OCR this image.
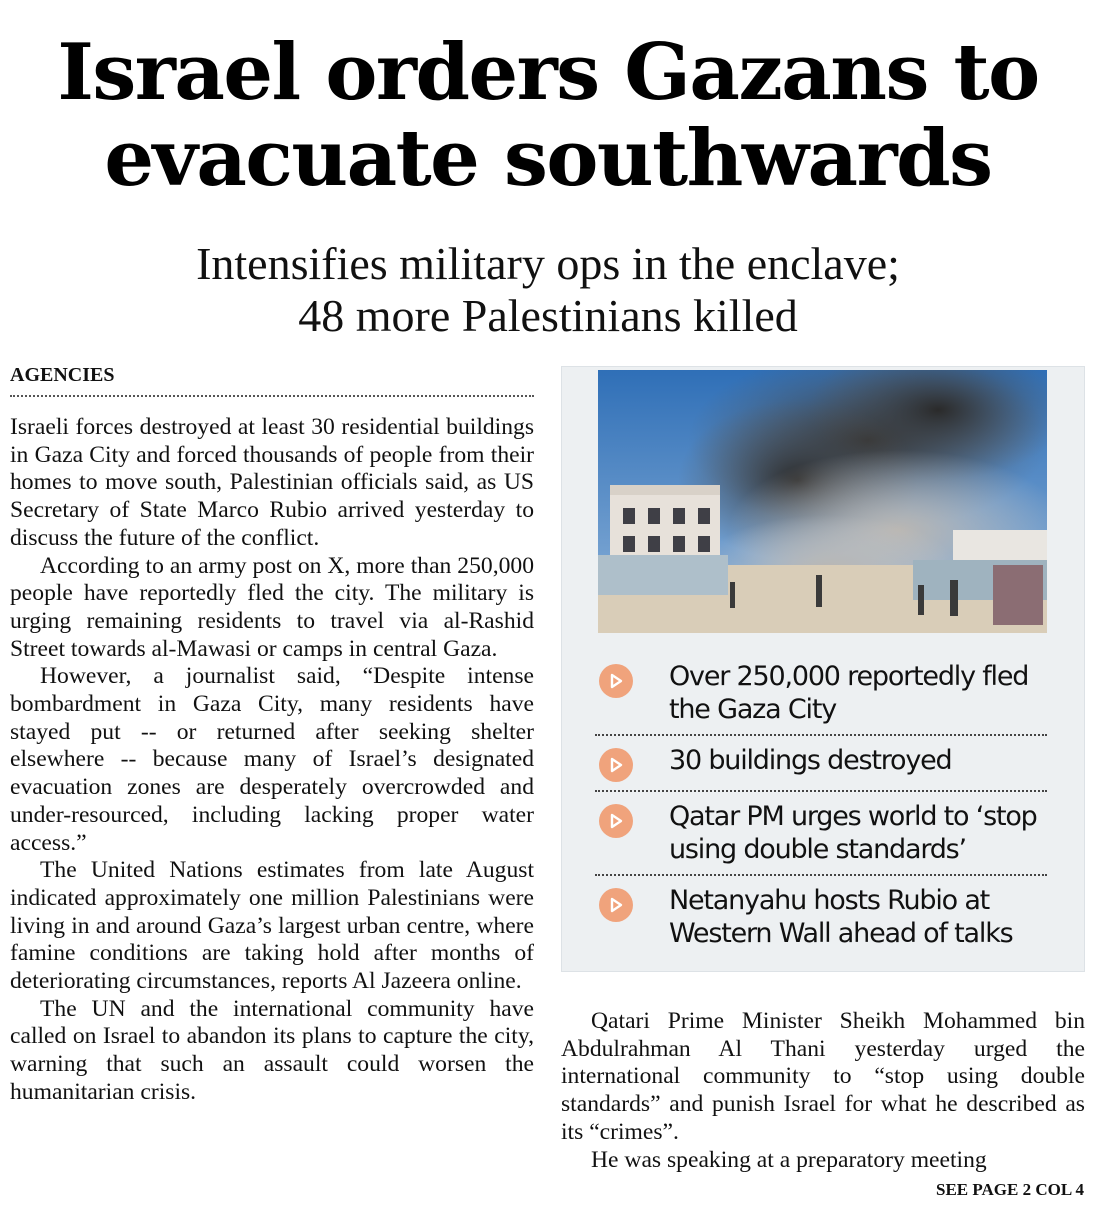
Israel orders Gazans to
evacuate southwards
Intensifies military ops in the enclave;
48 more Palestinians killed
AGENCIES

Israeli forces destroyed at least 30 residential buildings in Gaza City and forced thousands of people from their homes to move south, Palestinian officials said, as US Secretary of State Marco Rubio arrived yesterday to discuss the future of the conflict.

According to an army post on X, more than 250,000 people have reportedly fled the city. The military is urging remaining residents to travel via al-Rashid Street towards al-Mawasi or camps in central Gaza.

However, a journalist said, “Despite intense bombardment in Gaza City, many residents have stayed put -- or returned after seeking shelter elsewhere -- because many of Israel’s designated evacuation zones are desperately overcrowded and under-resourced, including lacking proper water access.”

The United Nations estimates from late August indicated approximately one million Palestinians were living in and around Gaza’s largest urban centre, where famine conditions are taking hold after months of deteriorating circumstances, reports Al Jazeera online.

The UN and the international community have called on Israel to abandon its plans to capture the city, warning that such an assault could worsen the humanitarian crisis.

Over 250,000 reportedly fled the Gaza City
30 buildings destroyed
Qatar PM urges world to ‘stop using double standards’
Netanyahu hosts Rubio at Western Wall ahead of talks

Qatari Prime Minister Sheikh Mohammed bin Abdulrahman Al Thani yesterday urged the international community to “stop using double standards” and punish Israel for what he described as its “crimes”.

He was speaking at a preparatory meeting

SEE PAGE 2 COL 4
